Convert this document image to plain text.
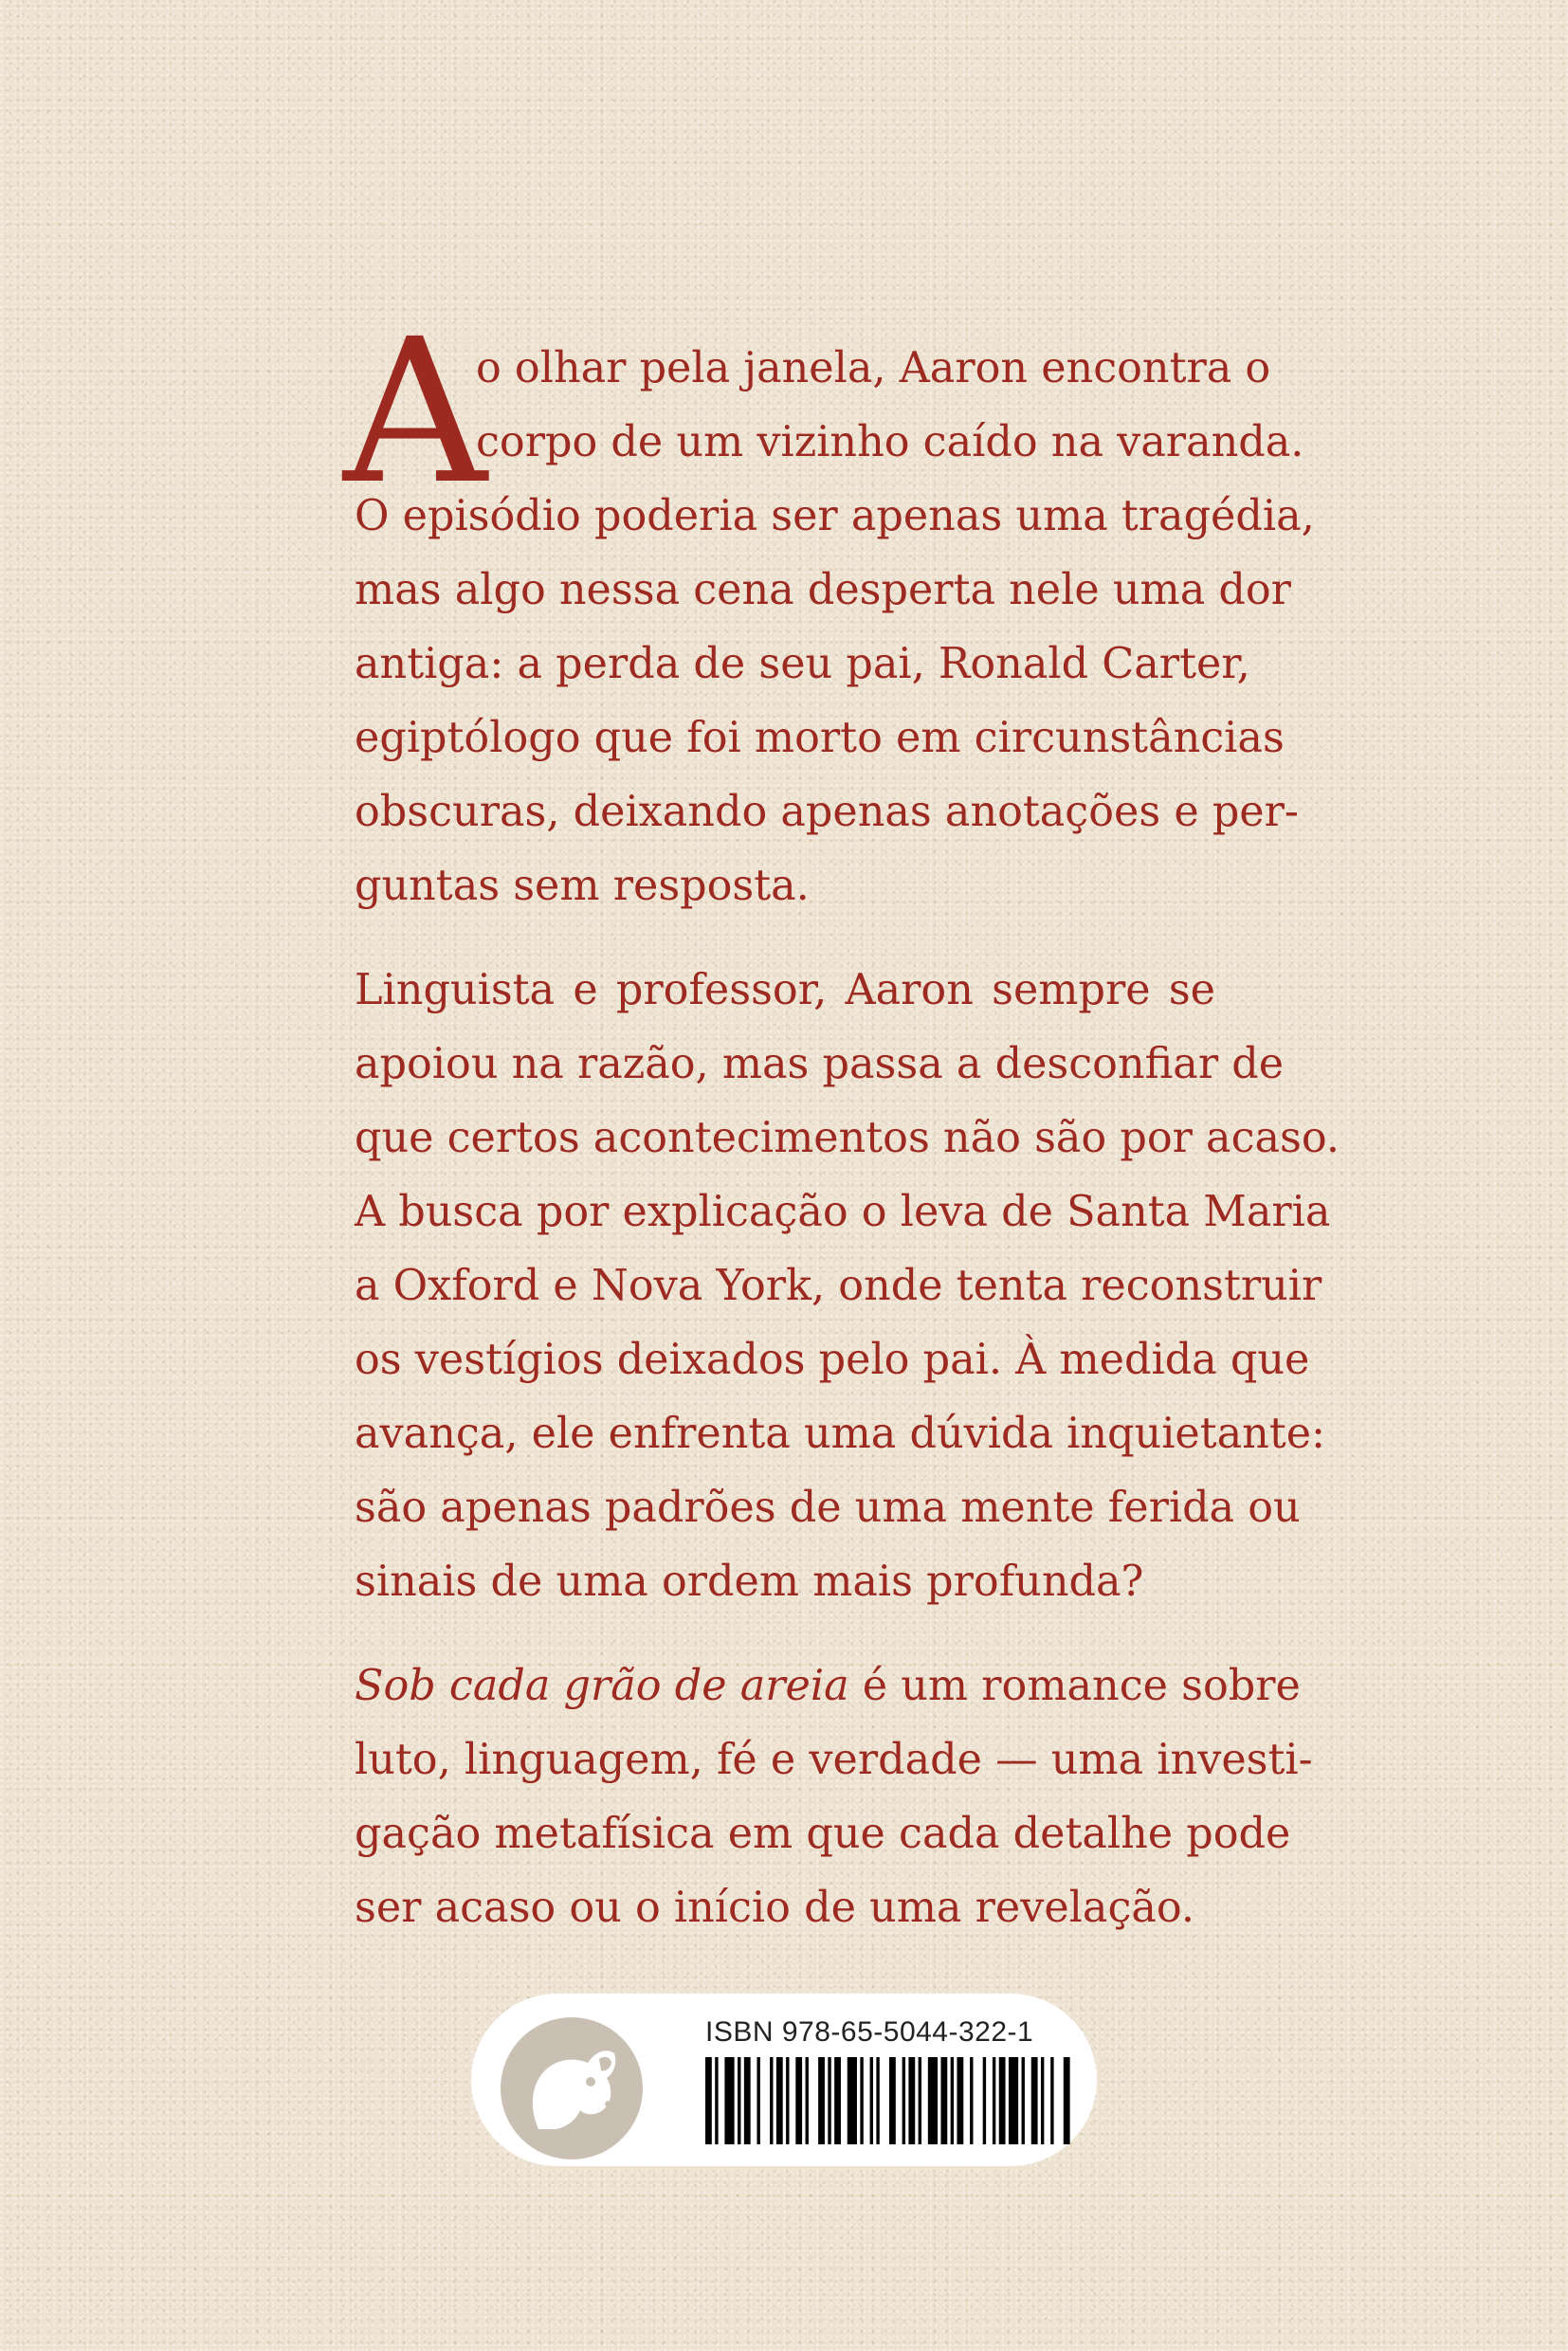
A
o olhar pela janela, Aaron encontra o
corpo de um vizinho caído na varanda.
O episódio poderia ser apenas uma tragédia,
mas algo nessa cena desperta nele uma dor
antiga: a perda de seu pai, Ronald Carter,
egiptólogo que foi morto em circunstâncias
obscuras, deixando apenas anotações e per-
guntas sem resposta.
Linguista e professor, Aaron sempre se
apoiou na razão, mas passa a desconfiar de
que certos acontecimentos não são por acaso.
A busca por explicação o leva de Santa Maria
a Oxford e Nova York, onde tenta reconstruir
os vestígios deixados pelo pai. À medida que
avança, ele enfrenta uma dúvida inquietante:
são apenas padrões de uma mente ferida ou
sinais de uma ordem mais profunda?
Sob cada grão de areia é um romance sobre
luto, linguagem, fé e verdade — uma investi-
gação metafísica em que cada detalhe pode
ser acaso ou o início de uma revelação.
ISBN 978-65-5044-322-1
